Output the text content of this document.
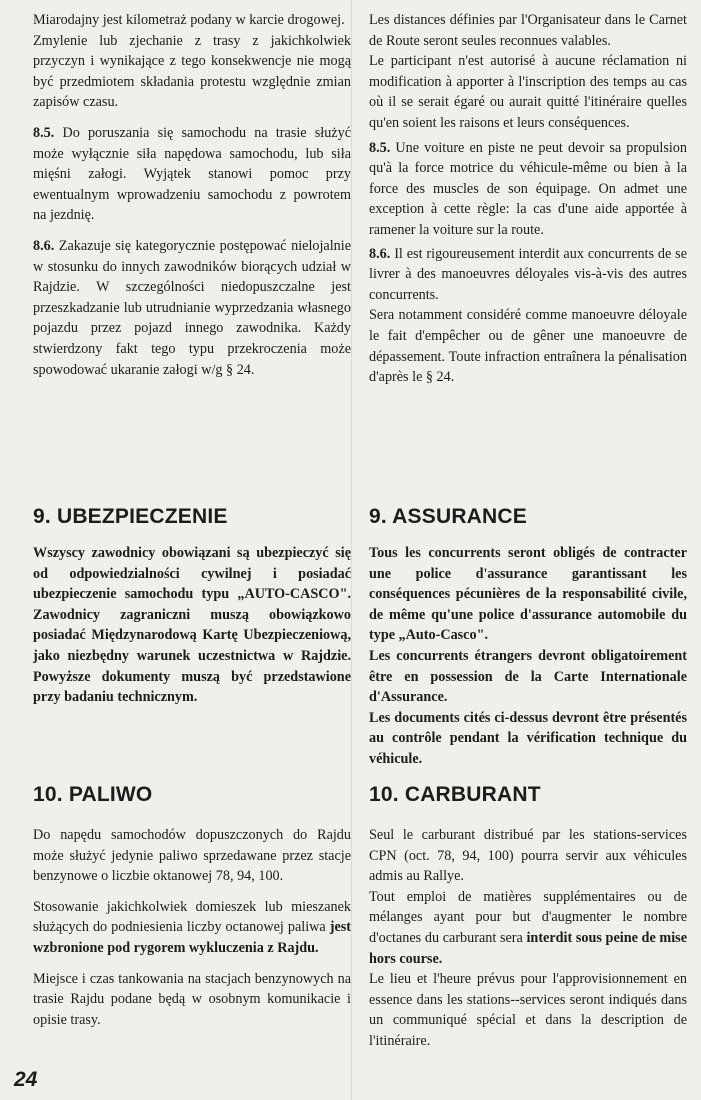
Miarodajny jest kilometraż podany w karcie drogowej.

Zmylenie lub zjechanie z trasy z jakichkolwiek przyczyn i wynikające z tego konsekwencje nie mogą być przedmiotem składania protestu względnie zmian zapisów czasu.

8.5. Do poruszania się samochodu na trasie służyć może wyłącznie siła napędowa samochodu, lub siła mięśni załogi. Wyjątek stanowi pomoc przy ewentualnym wprowadzeniu samochodu z powrotem na jezdnię.

8.6. Zakazuje się kategorycznie postępować nielojalnie w stosunku do innych zawodników biorących udział w Rajdzie. W szczególności niedopuszczalne jest przeszkadzanie lub utrudnianie wyprzedzania własnego pojazdu przez pojazd innego zawodnika. Każdy stwierdzony fakt tego typu przekroczenia może spowodować ukaranie załogi w/g § 24.

9. UBEZPIECZENIE

Wszyscy zawodnicy obowiązani są ubezpieczyć się od odpowiedzialności cywilnej i posiadać ubezpieczenie samochodu typu „AUTO-CASCO". Zawodnicy zagraniczni muszą obowiązkowo posiadać Międzynarodową Kartę Ubezpieczeniową, jako niezbędny warunek uczestnictwa w Rajdzie. Powyższe dokumenty muszą być przedstawione przy badaniu technicznym.

10. PALIWO

Do napędu samochodów dopuszczonych do Rajdu może służyć jedynie paliwo sprzedawane przez stacje benzynowe o liczbie oktanowej 78, 94, 100.

Stosowanie jakichkolwiek domieszek lub mieszanek służących do podniesienia liczby octanowej paliwa jest wzbronione pod rygorem wykluczenia z Rajdu.

Miejsce i czas tankowania na stacjach benzynowych na trasie Rajdu podane będą w osobnym komunikacie i opisie trasy.

Les distances définies par l'Organisateur dans le Carnet de Route seront seules reconnues valables.

Le participant n'est autorisé à aucune réclamation ni modification à apporter à l'inscription des temps au cas où il se serait égaré ou aurait quitté l'itinéraire quelles qu'en soient les raisons et leurs conséquences.

8.5. Une voiture en piste ne peut devoir sa propulsion qu'à la force motrice du véhicule-même ou bien à la force des muscles de son équipage. On admet une exception à cette règle: la cas d'une aide apportée à ramener la voiture sur la route.

8.6. Il est rigoureusement interdit aux concurrents de se livrer à des manoeuvres déloyales vis-à-vis des autres concurrents.

Sera notamment considéré comme manoeuvre déloyale le fait d'empêcher ou de gêner une manoeuvre de dépassement. Toute infraction entraînera la pénalisation d'après le § 24.

9. ASSURANCE

Tous les concurrents seront obligés de contracter une police d'assurance garantissant les conséquences pécunières de la responsabilité civile, de même qu'une police d'assurance automobile du type „Auto-Casco".

Les concurrents étrangers devront obligatoirement être en possession de la Carte Internationale d'Assurance.

Les documents cités ci-dessus devront être présentés au contrôle pendant la vérification technique du véhicule.

10. CARBURANT

Seul le carburant distribué par les stations-services CPN (oct. 78, 94, 100) pourra servir aux véhicules admis au Rallye.

Tout emploi de matières supplémentaires ou de mélanges ayant pour but d'augmenter le nombre d'octanes du carburant sera interdit sous peine de mise hors course.

Le lieu et l'heure prévus pour l'approvisionnement en essence dans les stations--services seront indiqués dans un communiqué spécial et dans la description de l'itinéraire.

24
